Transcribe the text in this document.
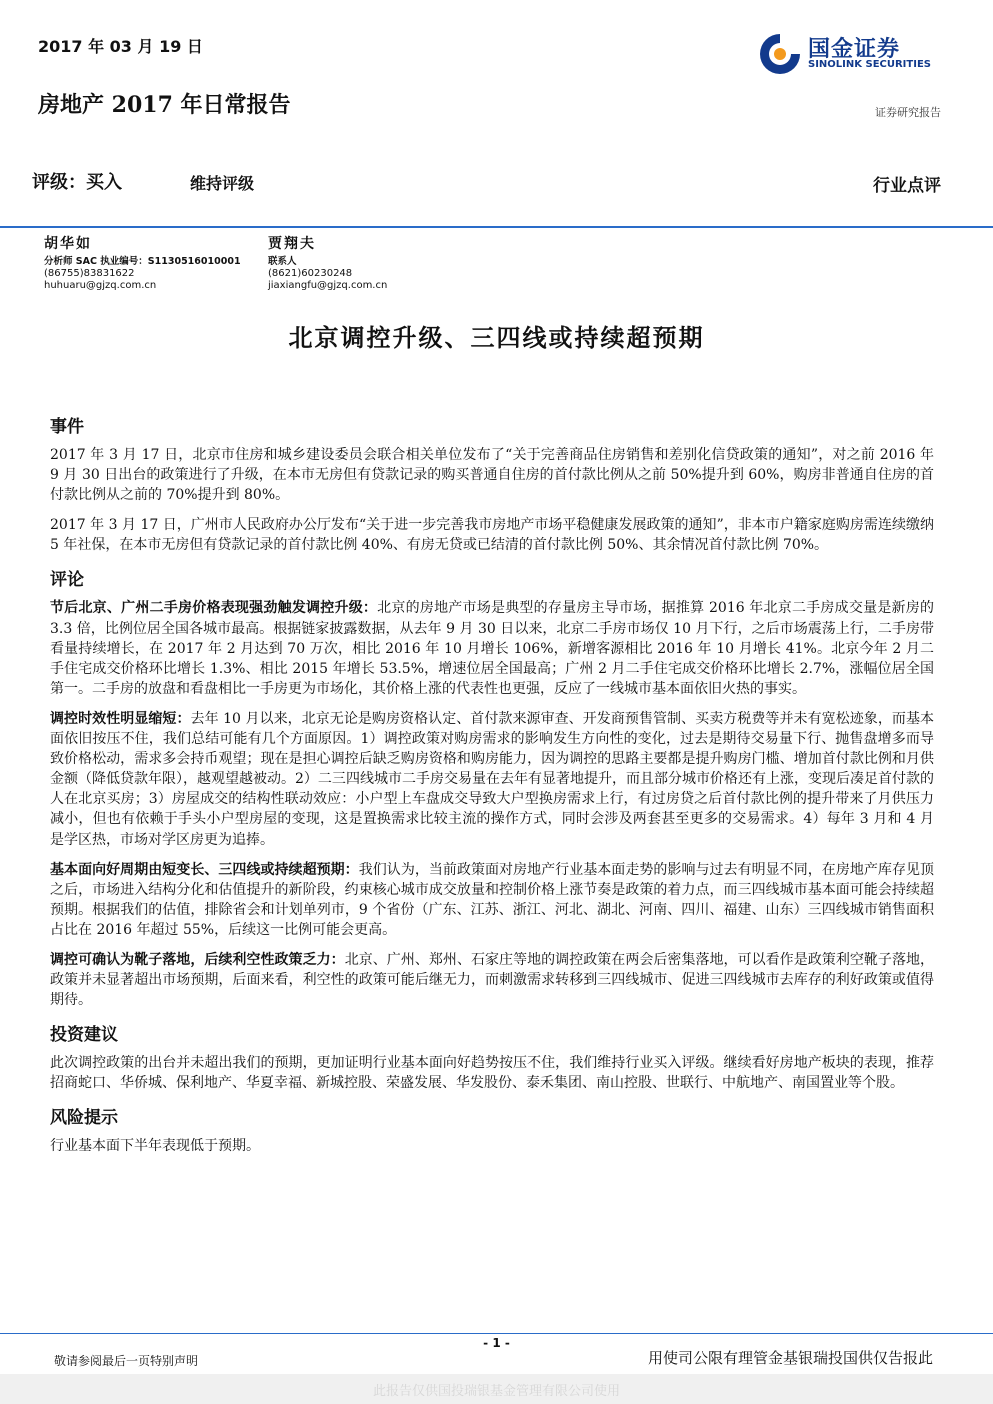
2017 年 03 月 19 日	国金证券
SINOLINK SECURITIES
房地产 2017 年日常报告	证券研究报告
评级：买入	维持评级	行业点评
胡华如
分析师 SAC 执业编号：S1130516010001
(86755)83831622
huhuaru@gjzq.com.cn
贾翔夫
联系人
(8621)60230248
jiaxiangfu@gjzq.com.cn
北京调控升级、三四线或持续超预期
事件

2017 年 3 月 17 日，北京市住房和城乡建设委员会联合相关单位发布了“关于完善商品住房销售和差别化信贷政策的通知”，对之前 2016 年 9 月 30 日出台的政策进行了升级，在本市无房但有贷款记录的购买普通自住房的首付款比例从之前 50%提升到 60%，购房非普通自住房的首付款比例从之前的 70%提升到 80%。

2017 年 3 月 17 日，广州市人民政府办公厅发布“关于进一步完善我市房地产市场平稳健康发展政策的通知”，非本市户籍家庭购房需连续缴纳 5 年社保，在本市无房但有贷款记录的首付款比例 40%、有房无贷或已结清的首付款比例 50%、其余情况首付款比例 70%。

评论

节后北京、广州二手房价格表现强劲触发调控升级：北京的房地产市场是典型的存量房主导市场，据推算 2016 年北京二手房成交量是新房的 3.3 倍，比例位居全国各城市最高。根据链家披露数据，从去年 9 月 30 日以来，北京二手房市场仅 10 月下行，之后市场震荡上行，二手房带看量持续增长，在 2017 年 2 月达到 70 万次，相比 2016 年 10 月增长 106%，新增客源相比 2016 年 10 月增长 41%。北京今年 2 月二手住宅成交价格环比增长 1.3%、相比 2015 年增长 53.5%，增速位居全国最高；广州 2 月二手住宅成交价格环比增长 2.7%，涨幅位居全国第一。二手房的放盘和看盘相比一手房更为市场化，其价格上涨的代表性也更强，反应了一线城市基本面依旧火热的事实。

调控时效性明显缩短：去年 10 月以来，北京无论是购房资格认定、首付款来源审查、开发商预售管制、买卖方税费等并未有宽松迹象，而基本面依旧按压不住，我们总结可能有几个方面原因。1）调控政策对购房需求的影响发生方向性的变化，过去是期待交易量下行、抛售盘增多而导致价格松动，需求多会持币观望；现在是担心调控后缺乏购房资格和购房能力，因为调控的思路主要都是提升购房门槛、增加首付款比例和月供金额（降低贷款年限），越观望越被动。2）二三四线城市二手房交易量在去年有显著地提升，而且部分城市价格还有上涨，变现后凑足首付款的人在北京买房；3）房屋成交的结构性联动效应：小户型上车盘成交导致大户型换房需求上行，有过房贷之后首付款比例的提升带来了月供压力减小，但也有依赖于手头小户型房屋的变现，这是置换需求比较主流的操作方式，同时会涉及两套甚至更多的交易需求。4）每年 3 月和 4 月是学区热，市场对学区房更为追捧。

基本面向好周期由短变长、三四线或持续超预期：我们认为，当前政策面对房地产行业基本面走势的影响与过去有明显不同，在房地产库存见顶之后，市场进入结构分化和估值提升的新阶段，约束核心城市成交放量和控制价格上涨节奏是政策的着力点，而三四线城市基本面可能会持续超预期。根据我们的估值，排除省会和计划单列市，9 个省份（广东、江苏、浙江、河北、湖北、河南、四川、福建、山东）三四线城市销售面积占比在 2016 年超过 55%，后续这一比例可能会更高。

调控可确认为靴子落地，后续利空性政策乏力：北京、广州、郑州、石家庄等地的调控政策在两会后密集落地，可以看作是政策利空靴子落地，政策并未显著超出市场预期，后面来看，利空性的政策可能后继无力，而刺激需求转移到三四线城市、促进三四线城市去库存的利好政策或值得期待。

投资建议

此次调控政策的出台并未超出我们的预期，更加证明行业基本面向好趋势按压不住，我们维持行业买入评级。继续看好房地产板块的表现，推荐招商蛇口、华侨城、保利地产、华夏幸福、新城控股、荣盛发展、华发股份、泰禾集团、南山控股、世联行、中航地产、南国置业等个股。

风险提示

行业基本面下半年表现低于预期。

- 1 -
敬请参阅最后一页特别声明	用使司公限有理管金基银瑞投国供仅告报此
此报告仅供国投瑞银基金管理有限公司使用
